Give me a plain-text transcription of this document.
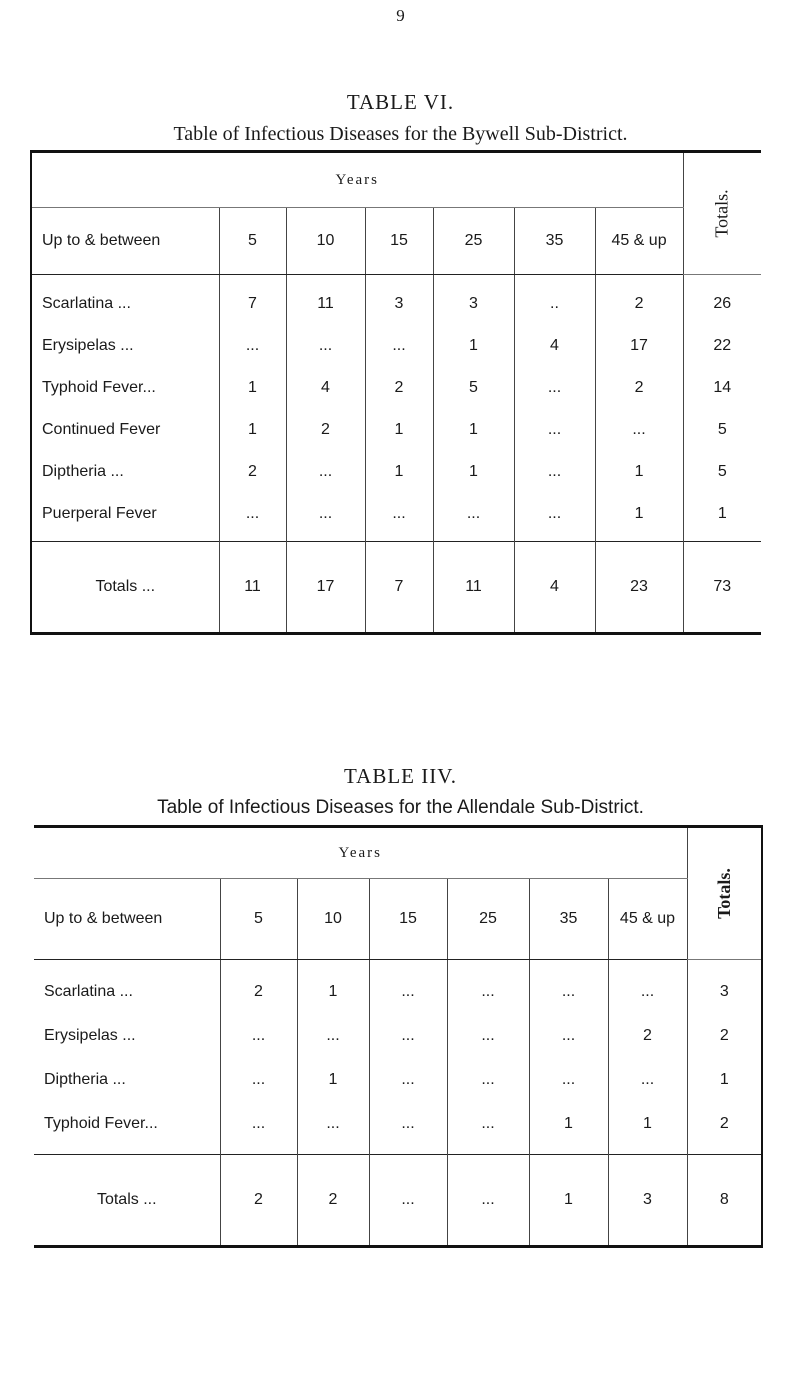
9
TABLE VI.
Table of Infectious Diseases for the Bywell Sub-District.
Years							Totals.
Up to & between	5	10	15	25	35	45 & up	
Scarlatina ...	7	11	3	3	..	2	26
Erysipelas ...	...	...	...	1	4	17	22
Typhoid Fever...	1	4	2	5	...	2	14
Continued Fever	1	2	1	1	...	...	5
Diptheria ...	2	...	1	1	...	1	5
Puerperal Fever	...	...	...	...	...	1	1
Totals ...	11	17	7	11	4	23	73
TABLE IIV.
Table of Infectious Diseases for the Allendale Sub-District.
Years							Totals.
Up to & between	5	10	15	25	35	45 & up	
Scarlatina ...	2	1	...	...	...	...	3
Erysipelas ...	...	...	...	...	...	2	2
Diptheria ...	...	1	...	...	...	...	1
Typhoid Fever...	...	...	...	...	1	1	2
Totals ...	2	2	...	...	1	3	8
